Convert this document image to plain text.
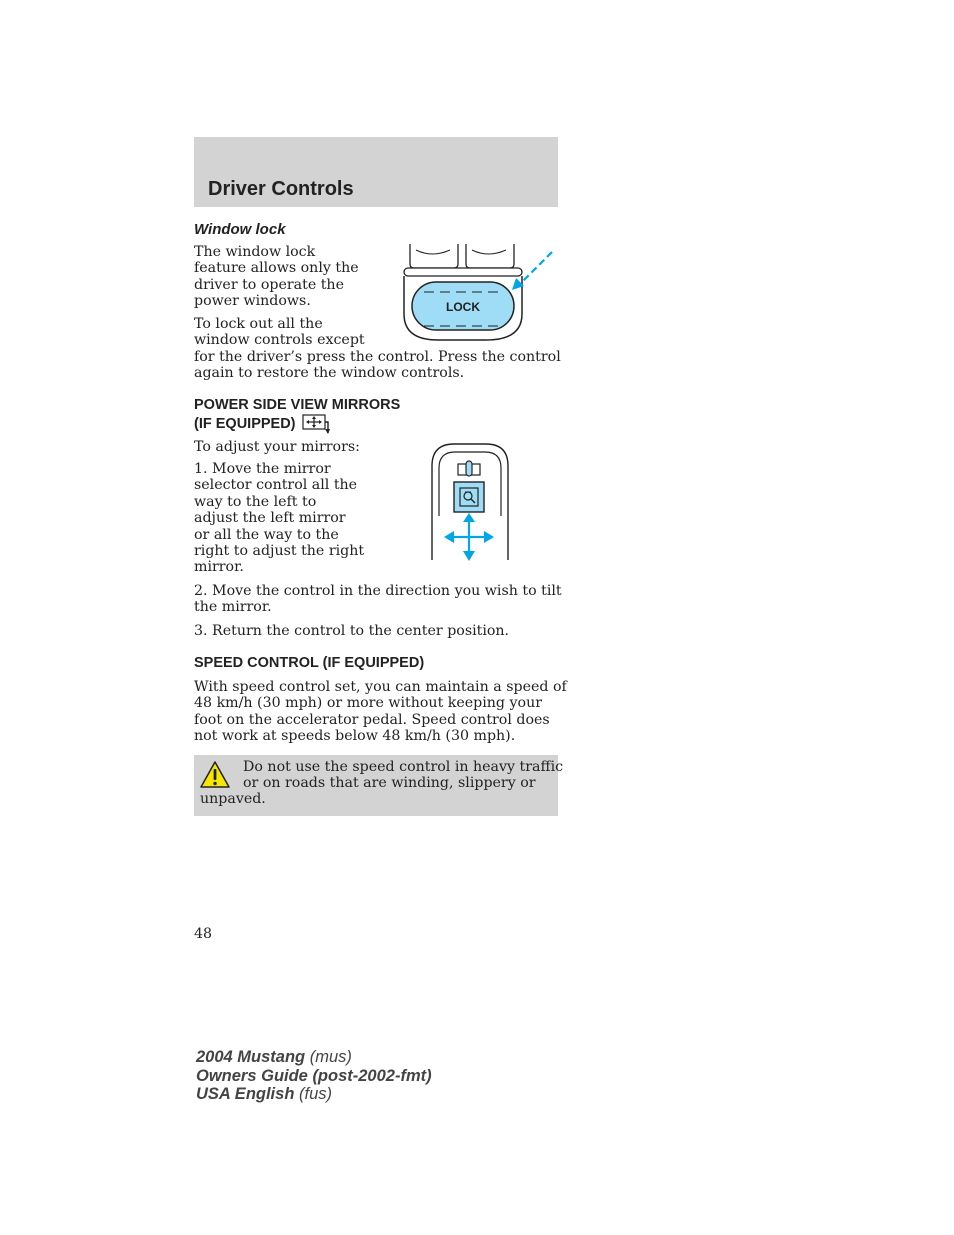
Driver Controls
Window lock
The window lock
feature allows only the
driver to operate the
power windows.
To lock out all the
window controls except
for the driver’s press the control. Press the control
again to restore the window controls.
LOCK
POWER SIDE VIEW MIRRORS
(IF EQUIPPED)
To adjust your mirrors:
1. Move the mirror
selector control all the
way to the left to
adjust the left mirror
or all the way to the
right to adjust the right
mirror.
2. Move the control in the direction you wish to tilt
the mirror.
3. Return the control to the center position.
SPEED CONTROL (IF EQUIPPED)
With speed control set, you can maintain a speed of
48 km/h (30 mph) or more without keeping your
foot on the accelerator pedal. Speed control does
not work at speeds below 48 km/h (30 mph).
Do not use the speed control in heavy traffic
or on roads that are winding, slippery or
unpaved.
48
2004 Mustang (mus)
Owners Guide (post-2002-fmt)
USA English (fus)
